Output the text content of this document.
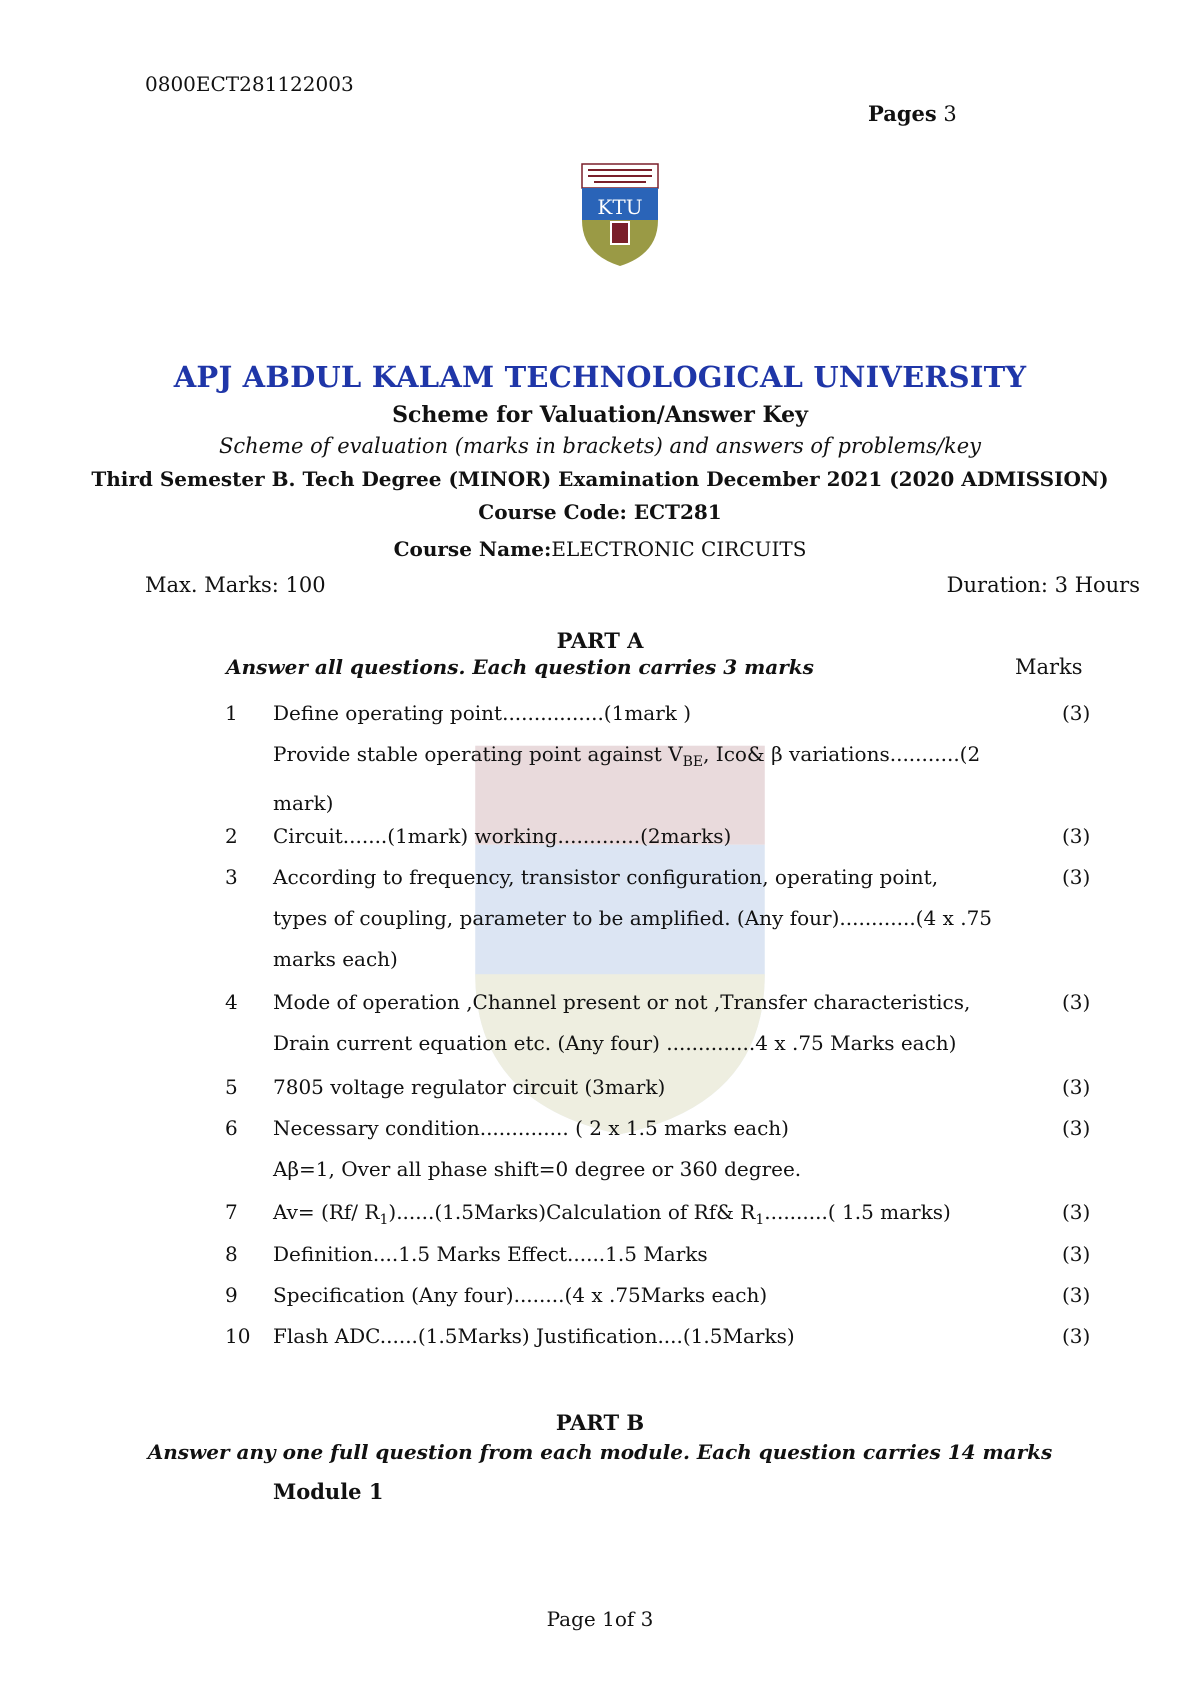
0800ECT281122003
Pages 3
KTU
APJ ABDUL KALAM TECHNOLOGICAL UNIVERSITY
Scheme for Valuation/Answer Key
Scheme of evaluation (marks in brackets) and answers of problems/key
Third Semester B. Tech Degree (MINOR) Examination December 2021 (2020 ADMISSION)
Course Code: ECT281
Course Name:ELECTRONIC CIRCUITS
Max. Marks: 100	Duration: 3 Hours
PART A
Answer all questions. Each question carries 3 marks	Marks
1 Define operating point................(1mark )
Provide stable operating point against $V_{BE}$, Ico& β variations...........(2 mark)
(3)
2 Circuit.......(1mark) working.............(2marks)	(3)
3 According to frequency, transistor configuration, operating point, types of coupling, parameter to be amplified. (Any four)............(4 x .75 marks each)
(3)
4 Mode of operation ,Channel present or not ,Transfer characteristics, Drain current equation etc. (Any four) ..............4 x .75 Marks each)
(3)
5 7805 voltage regulator circuit (3mark)	(3)
6 Necessary condition.............. ( 2 x 1.5 marks each)
Aβ=1, Over all phase shift=0 degree or 360 degree.
(3)
7 Av= (Rf/ $R_1)......(1.5Marks)Calculation$ of Rf& $R_1$..........( 1.5 marks)	(3)
8 Definition....1.5 Marks Effect......1.5 Marks	(3)
9 Specification (Any four)........(4 x .75Marks each)	(3)
10 Flash ADC......(1.5Marks) Justification....(1.5Marks)	(3)
PART B
Answer any one full question from each module. Each question carries 14 marks
Module 1
Page 1of 3
